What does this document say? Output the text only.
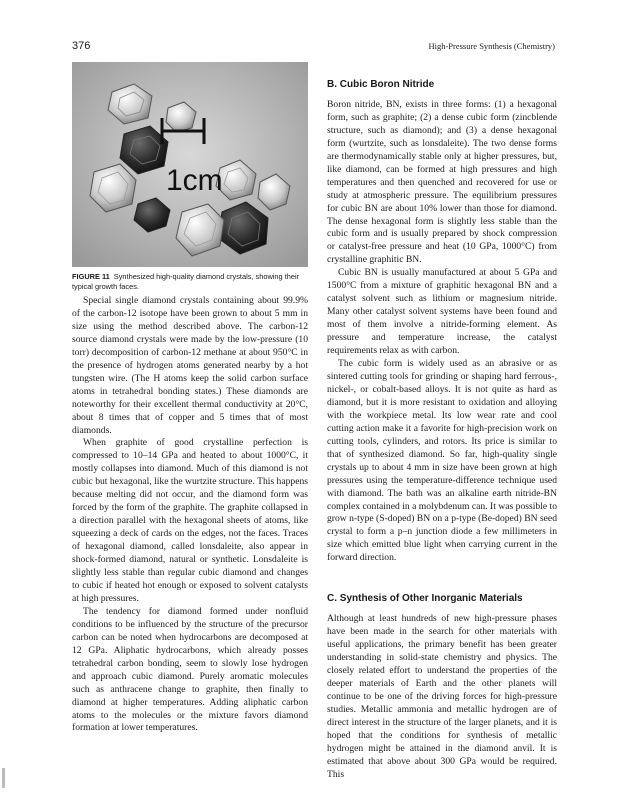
376	High-Pressure Synthesis (Chemistry)
1cm
FIGURE 11 Synthesized high-quality diamond crystals, showing their typical growth faces.

Special single diamond crystals containing about 99.9% of the carbon-12 isotope have been grown to about 5 mm in size using the method described above. The carbon-12 source diamond crystals were made by the low-pressure (10 torr) decomposition of carbon-12 methane at about 950°C in the presence of hydrogen atoms generated nearby by a hot tungsten wire. (The H atoms keep the solid carbon surface atoms in tetrahedral bonding states.) These diamonds are noteworthy for their excellent thermal conductivity at 20°C, about 8 times that of copper and 5 times that of most diamonds.

When graphite of good crystalline perfection is compressed to 10–14 GPa and heated to about 1000°C, it mostly collapses into diamond. Much of this diamond is not cubic but hexagonal, like the wurtzite structure. This happens because melting did not occur, and the diamond form was forced by the form of the graphite. The graphite collapsed in a direction parallel with the hexagonal sheets of atoms, like squeezing a deck of cards on the edges, not the faces. Traces of hexagonal diamond, called lonsdaleite, also appear in shock-formed diamond, natural or synthetic. Lonsdaleite is slightly less stable than regular cubic diamond and changes to cubic if heated hot enough or exposed to solvent catalysts at high pressures.

The tendency for diamond formed under nonfluid conditions to be influenced by the structure of the precursor carbon can be noted when hydrocarbons are decomposed at 12 GPa. Aliphatic hydrocarbons, which already posses tetrahedral carbon bonding, seem to slowly lose hydrogen and approach cubic diamond. Purely aromatic molecules such as anthracene change to graphite, then finally to diamond at higher temperatures. Adding aliphatic carbon atoms to the molecules or the mixture favors diamond formation at lower temperatures.

B. Cubic Boron Nitride

Boron nitride, BN, exists in three forms: (1) a hexagonal form, such as graphite; (2) a dense cubic form (zincblende structure, such as diamond); and (3) a dense hexagonal form (wurtzite, such as lonsdaleite). The two dense forms are thermodynamically stable only at higher pressures, but, like diamond, can be formed at high pressures and high temperatures and then quenched and recovered for use or study at atmospheric pressure. The equilibrium pressures for cubic BN are about 10% lower than those for diamond. The dense hexagonal form is slightly less stable than the cubic form and is usually prepared by shock compression or catalyst-free pressure and heat (10 GPa, 1000°C) from crystalline graphitic BN.

Cubic BN is usually manufactured at about 5 GPa and 1500°C from a mixture of graphitic hexagonal BN and a catalyst solvent such as lithium or magnesium nitride. Many other catalyst solvent systems have been found and most of them involve a nitride-forming element. As pressure and temperature increase, the catalyst requirements relax as with carbon.

The cubic form is widely used as an abrasive or as sintered cutting tools for grinding or shaping hard ferrous-, nickel-, or cobalt-based alloys. It is not quite as hard as diamond, but it is more resistant to oxidation and alloying with the workpiece metal. Its low wear rate and cool cutting action make it a favorite for high-precision work on cutting tools, cylinders, and rotors. Its price is similar to that of synthesized diamond. So far, high-quality single crystals up to about 4 mm in size have been grown at high pressures using the temperature-difference technique used with diamond. The bath was an alkaline earth nitride-BN complex contained in a molybdenum can. It was possible to grow n-type (S-doped) BN on a p-type (Be-doped) BN seed crystal to form a p–n junction diode a few millimeters in size which emitted blue light when carrying current in the forward direction.

C. Synthesis of Other Inorganic Materials

Although at least hundreds of new high-pressure phases have been made in the search for other materials with useful applications, the primary benefit has been greater understanding in solid-state chemistry and physics. The closely related effort to understand the properties of the deeper materials of Earth and the other planets will continue to be one of the driving forces for high-pressure studies. Metallic ammonia and metallic hydrogen are of direct interest in the structure of the larger planets, and it is hoped that the conditions for synthesis of metallic hydrogen might be attained in the diamond anvil. It is estimated that above about 300 GPa would be required. This
